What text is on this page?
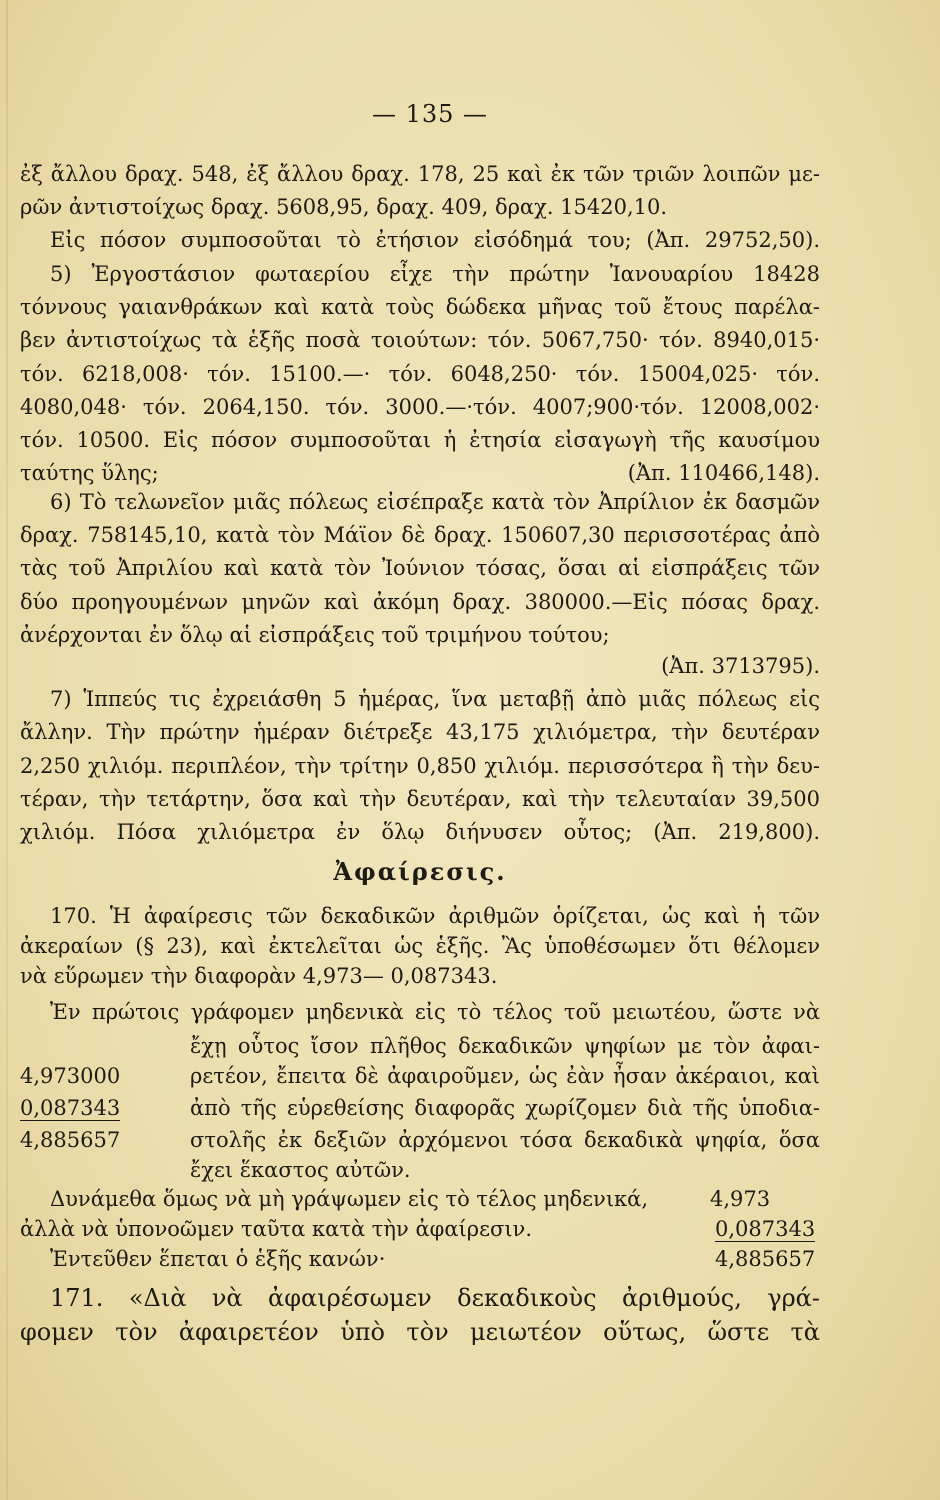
— 135 —
ἐξ ἄλλου δραχ. 548, ἐξ ἄλλου δραχ. 178, 25 καὶ ἐκ τῶν τριῶν λοιπῶν με-
ρῶν ἀντιστοίχως δραχ. 5608,95, δραχ. 409, δραχ. 15420,10.
Εἰς πόσον συμποσοῦται τὸ ἐτήσιον εἰσόδημά του; (Ἀπ. 29752,50).
5) Ἐργοστάσιον φωταερίου εἶχε τὴν πρώτην Ἰανουαρίου 18428
τόννους γαιανθράκων καὶ κατὰ τοὺς δώδεκα μῆνας τοῦ ἔτους παρέλα-
βεν ἀντιστοίχως τὰ ἑξῆς ποσὰ τοιούτων: τόν. 5067,750· τόν. 8940,015·
τόν. 6218,008· τόν. 15100.—· τόν. 6048,250· τόν. 15004,025· τόν.
4080,048· τόν. 2064,150. τόν. 3000.—·τόν. 4007;900·τόν. 12008,002·
τόν. 10500. Εἰς πόσον συμποσοῦται ἡ ἐτησία εἰσαγωγὴ τῆς καυσίμου
ταύτης ὕλης;	(Ἀπ. 110466,148).
6) Τὸ τελωνεῖον μιᾶς πόλεως εἰσέπραξε κατὰ τὸν Ἀπρίλιον ἐκ δασμῶν
δραχ. 758145,10, κατὰ τὸν Μάϊον δὲ δραχ. 150607,30 περισσοτέρας ἀπὸ
τὰς τοῦ Ἀπριλίου καὶ κατὰ τὸν Ἰούνιον τόσας, ὅσαι αἱ εἰσπράξεις τῶν
δύο προηγουμένων μηνῶν καὶ ἀκόμη δραχ. 380000.—Εἰς πόσας δραχ.
ἀνέρχονται ἐν ὅλῳ αἱ εἰσπράξεις τοῦ τριμήνου τούτου;
(Ἀπ. 3713795).
7) Ἱππεύς τις ἐχρειάσθη 5 ἡμέρας, ἵνα μεταβῇ ἀπὸ μιᾶς πόλεως εἰς
ἄλλην. Τὴν πρώτην ἡμέραν διέτρεξε 43,175 χιλιόμετρα, τὴν δευτέραν
2,250 χιλιόμ. περιπλέον, τὴν τρίτην 0,850 χιλιόμ. περισσότερα ἢ τὴν δευ-
τέραν, τὴν τετάρτην, ὅσα καὶ τὴν δευτέραν, καὶ τὴν τελευταίαν 39,500
χιλιόμ. Πόσα χιλιόμετρα ἐν ὅλῳ διήνυσεν οὗτος; (Ἀπ. 219,800).
Ἀφαίρεσις.
170. Ἡ ἀφαίρεσις τῶν δεκαδικῶν ἀριθμῶν ὁρίζεται, ὡς καὶ ἡ τῶν
ἀκεραίων (§ 23), καὶ ἐκτελεῖται ὡς ἑξῆς. Ἂς ὑποθέσωμεν ὅτι θέλομεν
νὰ εὕρωμεν τὴν διαφορὰν 4,973— 0,087343.
Ἐν πρώτοις γράφομεν μηδενικὰ εἰς τὸ τέλος τοῦ μειωτέου, ὥστε νὰ
ἔχῃ οὗτος ἴσον πλῆθος δεκαδικῶν ψηφίων με τὸν ἀφαι-
4,973000	ρετέον, ἔπειτα δὲ ἀφαιροῦμεν, ὡς ἐὰν ἦσαν ἀκέραιοι, καὶ
0,087343	ἀπὸ τῆς εὑρεθείσης διαφορᾶς χωρίζομεν διὰ τῆς ὑποδια-
4,885657	στολῆς ἐκ δεξιῶν ἀρχόμενοι τόσα δεκαδικὰ ψηφία, ὅσα
ἔχει ἕκαστος αὐτῶν.
Δυνάμεθα ὅμως νὰ μὴ γράψωμεν εἰς τὸ τέλος μηδενικά,	4,973
ἀλλὰ νὰ ὑπονοῶμεν ταῦτα κατὰ τὴν ἀφαίρεσιν.	0,087343
Ἐντεῦθεν ἕπεται ὁ ἑξῆς κανών·	4,885657
171. «Διὰ νὰ ἀφαιρέσωμεν δεκαδικοὺς ἀριθμούς, γρά-
φομεν τὸν ἀφαιρετέον ὑπὸ τὸν μειωτέον οὕτως, ὥστε τὰ
